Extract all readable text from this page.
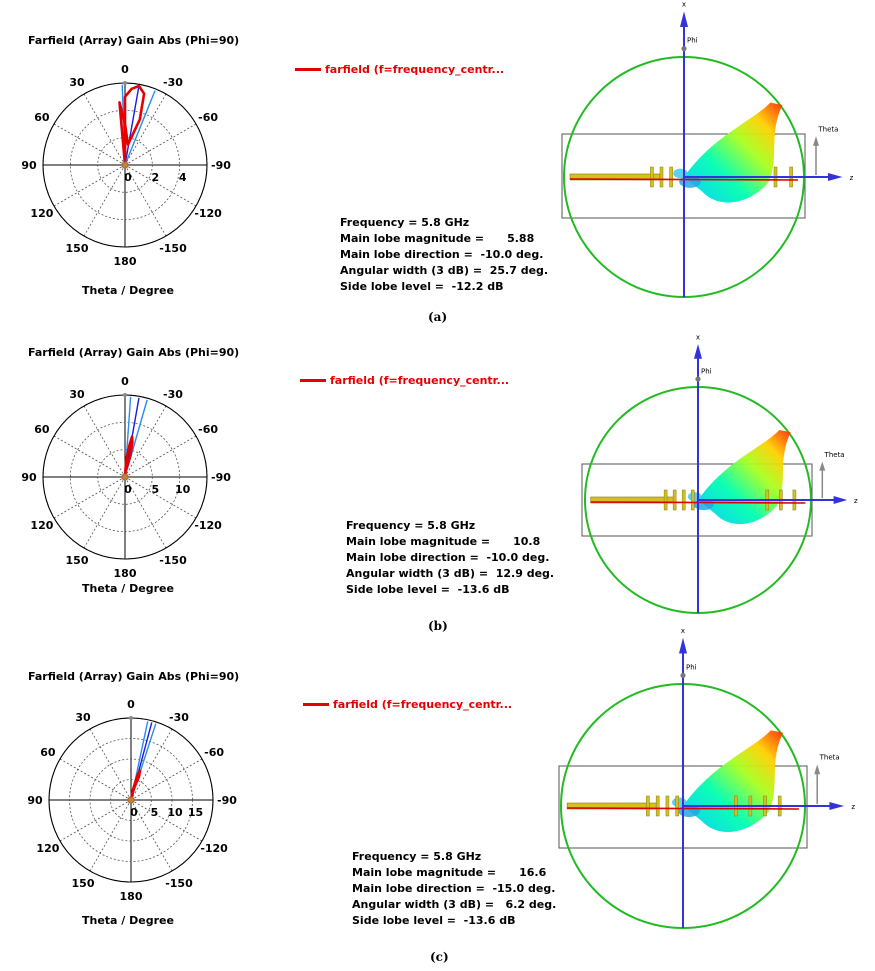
Farfield (Array) Gain Abs (Phi=90)
0
30
60
90
120
150
180
-150
-120
-90
-60
-30
0 2 4
Theta / Degree
farfield (f=frequency_centr...
Frequency = 5.8 GHz
Main lobe magnitude =      5.88
Main lobe direction =  -10.0 deg.
Angular width (3 dB) =  25.7 deg.
Side lobe level =  -12.2 dB
x
Phi
z
Theta
(a)
Farfield (Array) Gain Abs (Phi=90)
0
30
60
90
120
150
180
-150
-120
-90
-60
-30
0 5 10
Theta / Degree
farfield (f=frequency_centr...
Frequency = 5.8 GHz
Main lobe magnitude =      10.8
Main lobe direction =  -10.0 deg.
Angular width (3 dB) =  12.9 deg.
Side lobe level =  -13.6 dB
x
Phi
z
Theta
(b)
Farfield (Array) Gain Abs (Phi=90)
0
30
60
90
120
150
180
-150
-120
-90
-60
-30
0 5 10 15
Theta / Degree
farfield (f=frequency_centr...
Frequency = 5.8 GHz
Main lobe magnitude =      16.6
Main lobe direction =  -15.0 deg.
Angular width (3 dB) =   6.2 deg.
Side lobe level =  -13.6 dB
x
Phi
z
Theta
(c)
